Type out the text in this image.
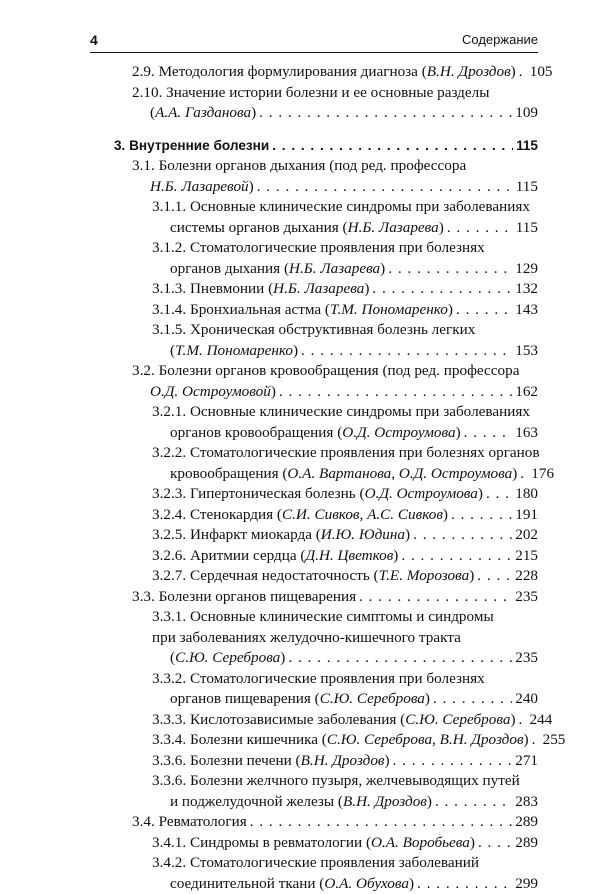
4	Содержание
2.9. Методология формулирования диагноза (В.Н. Дроздов) . . . 105
2.10. Значение истории болезни и ее основные разделы
(А.А. Газданова) . . .	109
3. Внутренние болезни . . .	115
3.1. Болезни органов дыхания (под ред. профессора
Н.Б. Лазаревой) . . .	115
3.1.1. Основные клинические синдромы при заболеваниях
системы органов дыхания (Н.Б. Лазарева) . . .	115
3.1.2. Стоматологические проявления при болезнях
органов дыхания (Н.Б. Лазарева) . . .	129
3.1.3. Пневмонии (Н.Б. Лазарева) . . .	132
3.1.4. Бронхиальная астма (Т.М. Пономаренко) . . .	143
3.1.5. Хроническая обструктивная болезнь легких
(Т.М. Пономаренко) . . .	153
3.2. Болезни органов кровообращения (под ред. профессора
О.Д. Остроумовой) . . .	162
3.2.1. Основные клинические синдромы при заболеваниях
органов кровообращения (О.Д. Остроумова) . . .	163
3.2.2. Стоматологические проявления при болезнях органов
кровообращения (О.А. Вартанова, О.Д. Остроумова) . . . 176
3.2.3. Гипертоническая болезнь (О.Д. Остроумова) . . . 180
3.2.4. Стенокардия (С.И. Сивков, А.С. Сивков) . . .	191
3.2.5. Инфаркт миокарда (И.Ю. Юдина) . . .	202
3.2.6. Аритмии сердца (Д.Н. Цветков) . . .	215
3.2.7. Сердечная недостаточность (Т.Е. Морозова) . . .	228
3.3. Болезни органов пищеварения . . .	235
3.3.1. Основные клинические симптомы и синдромы
при заболеваниях желудочно-кишечного тракта
(С.Ю. Сереброва) . . .	235
3.3.2. Стоматологические проявления при болезнях
органов пищеварения (С.Ю. Сереброва) . . .	240
3.3.3. Кислотозависимые заболевания (С.Ю. Сереброва) . . . 244
3.3.4. Болезни кишечника (С.Ю. Сереброва, В.Н. Дроздов) . . . 255
3.3.6. Болезни печени (В.Н. Дроздов) . . .	271
3.3.6. Болезни желчного пузыря, желчевыводящих путей
и поджелудочной железы (В.Н. Дроздов) . . .	283
3.4. Ревматология . . .	289
3.4.1. Синдромы в ревматологии (О.А. Воробьева) . . .	289
3.4.2. Стоматологические проявления заболеваний
соединительной ткани (О.А. Обухова) . . .	299
